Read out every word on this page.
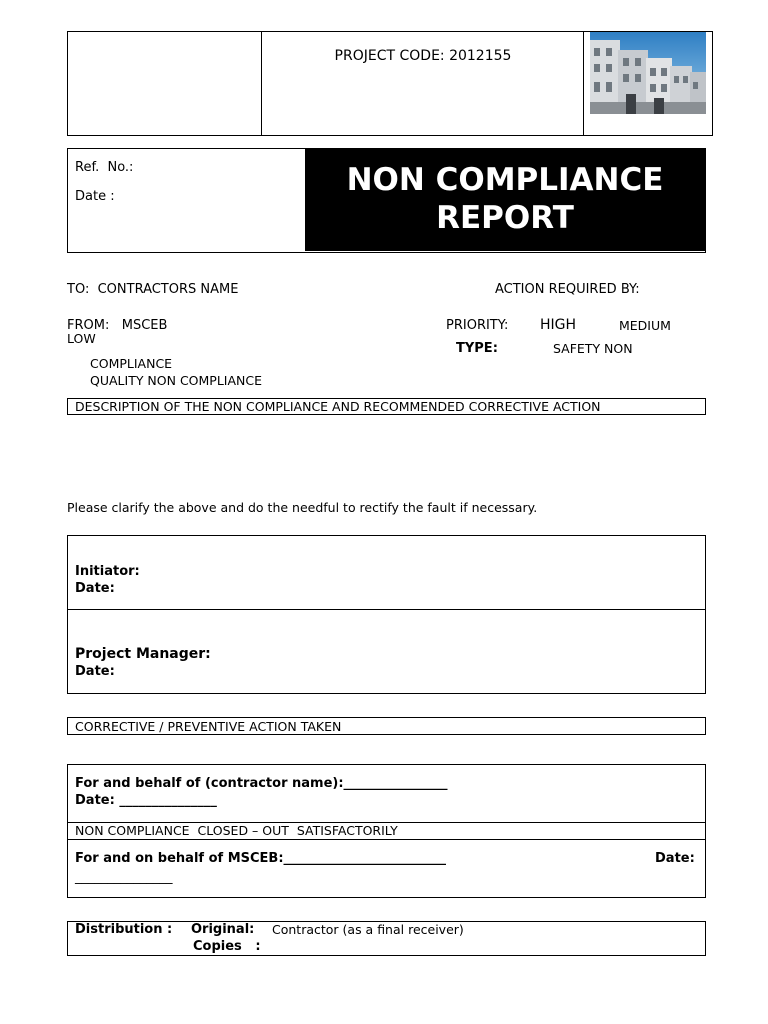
PROJECT CODE: 2012155
Ref.  No.:
Date :	NON COMPLIANCE
REPORT
TO:  CONTRACTORS NAME	ACTION REQUIRED BY:
FROM:   MSCEB
LOW
PRIORITY: HIGH	MEDIUM
TYPE:	SAFETY NON
COMPLIANCE
QUALITY NON COMPLIANCE
DESCRIPTION OF THE NON COMPLIANCE AND RECOMMENDED CORRECTIVE ACTION
Please clarify the above and do the needful to rectify the fault if necessary.
Initiator:
Date:
Project Manager:
Date:
CORRECTIVE / PREVENTIVE ACTION TAKEN
For and behalf of (contractor name):________________
Date: _______________
NON COMPLIANCE  CLOSED – OUT  SATISFACTORILY
For and on behalf of MSCEB:_________________________	Date:
_______________
Distribution : Original: Contractor (as a final receiver)
Copies   :
